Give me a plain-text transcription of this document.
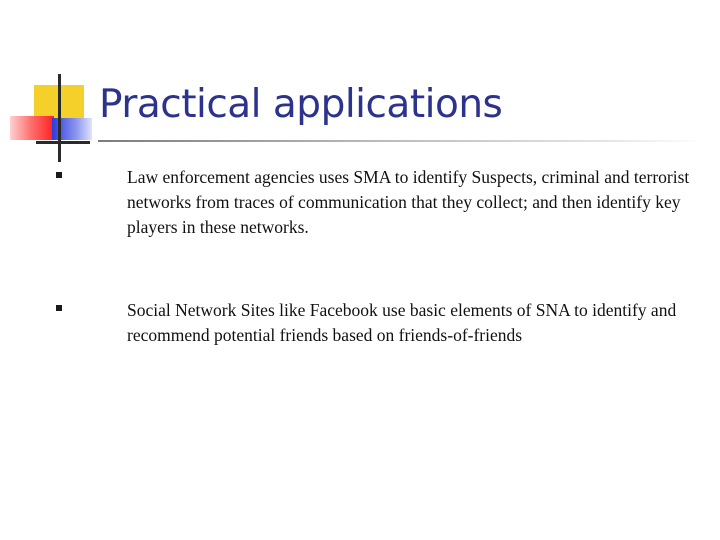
Practical applications
Law enforcement agencies uses SMA to identify Suspects, criminal and terrorist networks from traces of communication that they collect; and then identify key players in these networks.
Social Network Sites like Facebook use basic elements of SNA to identify and recommend potential friends based on friends-of-friends
